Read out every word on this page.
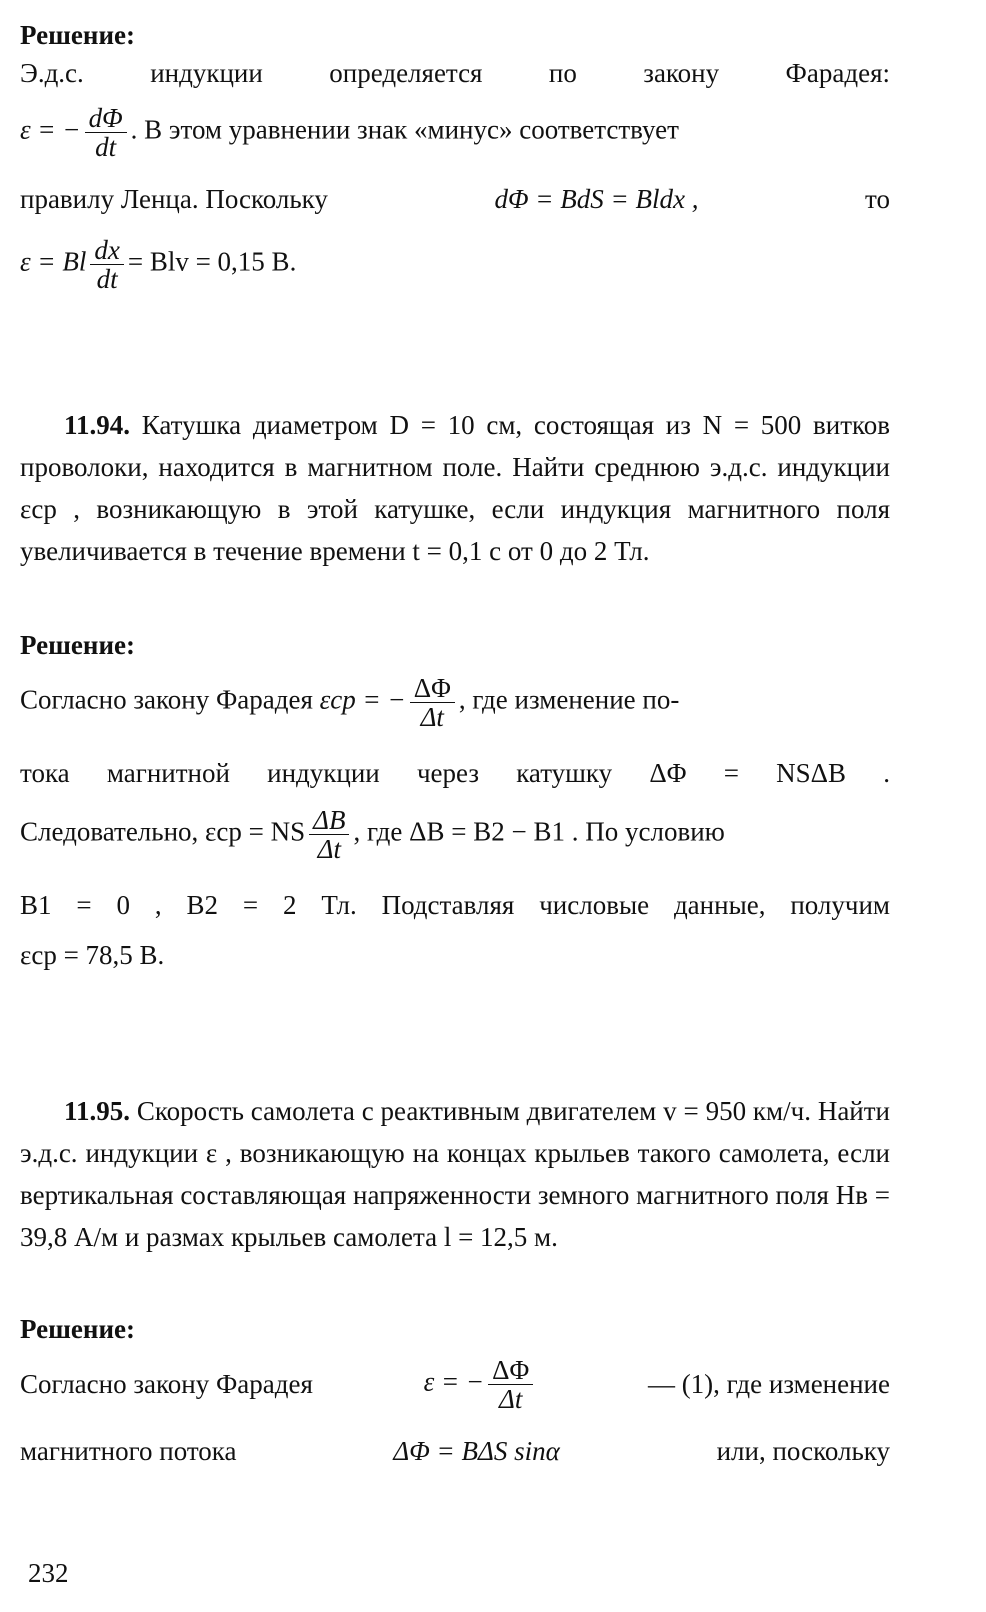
Решение:
Э.д.с. индукции определяется по закону Фарадея:
ε = − $\frac{d\Phi}{dt}$ . В этом уравнении знак «минус» соответствует
правилу Ленца. Поскольку	dΦ = BdS = Bldx ,	то
ε = Bl $\frac{dx}{dt}$ = Blv = 0,15 В.
11.94. Катушка диаметром D = 10 см, состоящая из N = 500 витков проволоки, находится в магнитном поле. Найти среднюю э.д.с. индукции εср , возникающую в этой катушке, если индукция магнитного поля увеличивается в течение времени t = 0,1 с от 0 до 2 Тл.
Решение:
Согласно закону Фарадея εср = − $\frac{\Delta\Phi}{\Delta t}$ , где изменение по-
тока магнитной индукции через катушку ΔΦ = NSΔB .
Следовательно, εср = NS $\frac{\Delta B}{\Delta t}$ , где ΔB = B2 − B1 . По условию
B1 = 0 , B2 = 2 Тл. Подставляя числовые данные, получим
εср = 78,5 В.
11.95. Скорость самолета с реактивным двигателем v = 950 км/ч. Найти э.д.с. индукции ε , возникающую на концах крыльев такого самолета, если вертикальная составляющая напряженности земного магнитного поля Hв = 39,8 А/м и размах крыльев самолета l = 12,5 м.
Решение:
Согласно закону Фарадея	ε = − $\frac{\Delta\Phi}{\Delta t}$	— (1), где изменение
магнитного потока	ΔΦ = BΔS sinα	или, поскольку
232
